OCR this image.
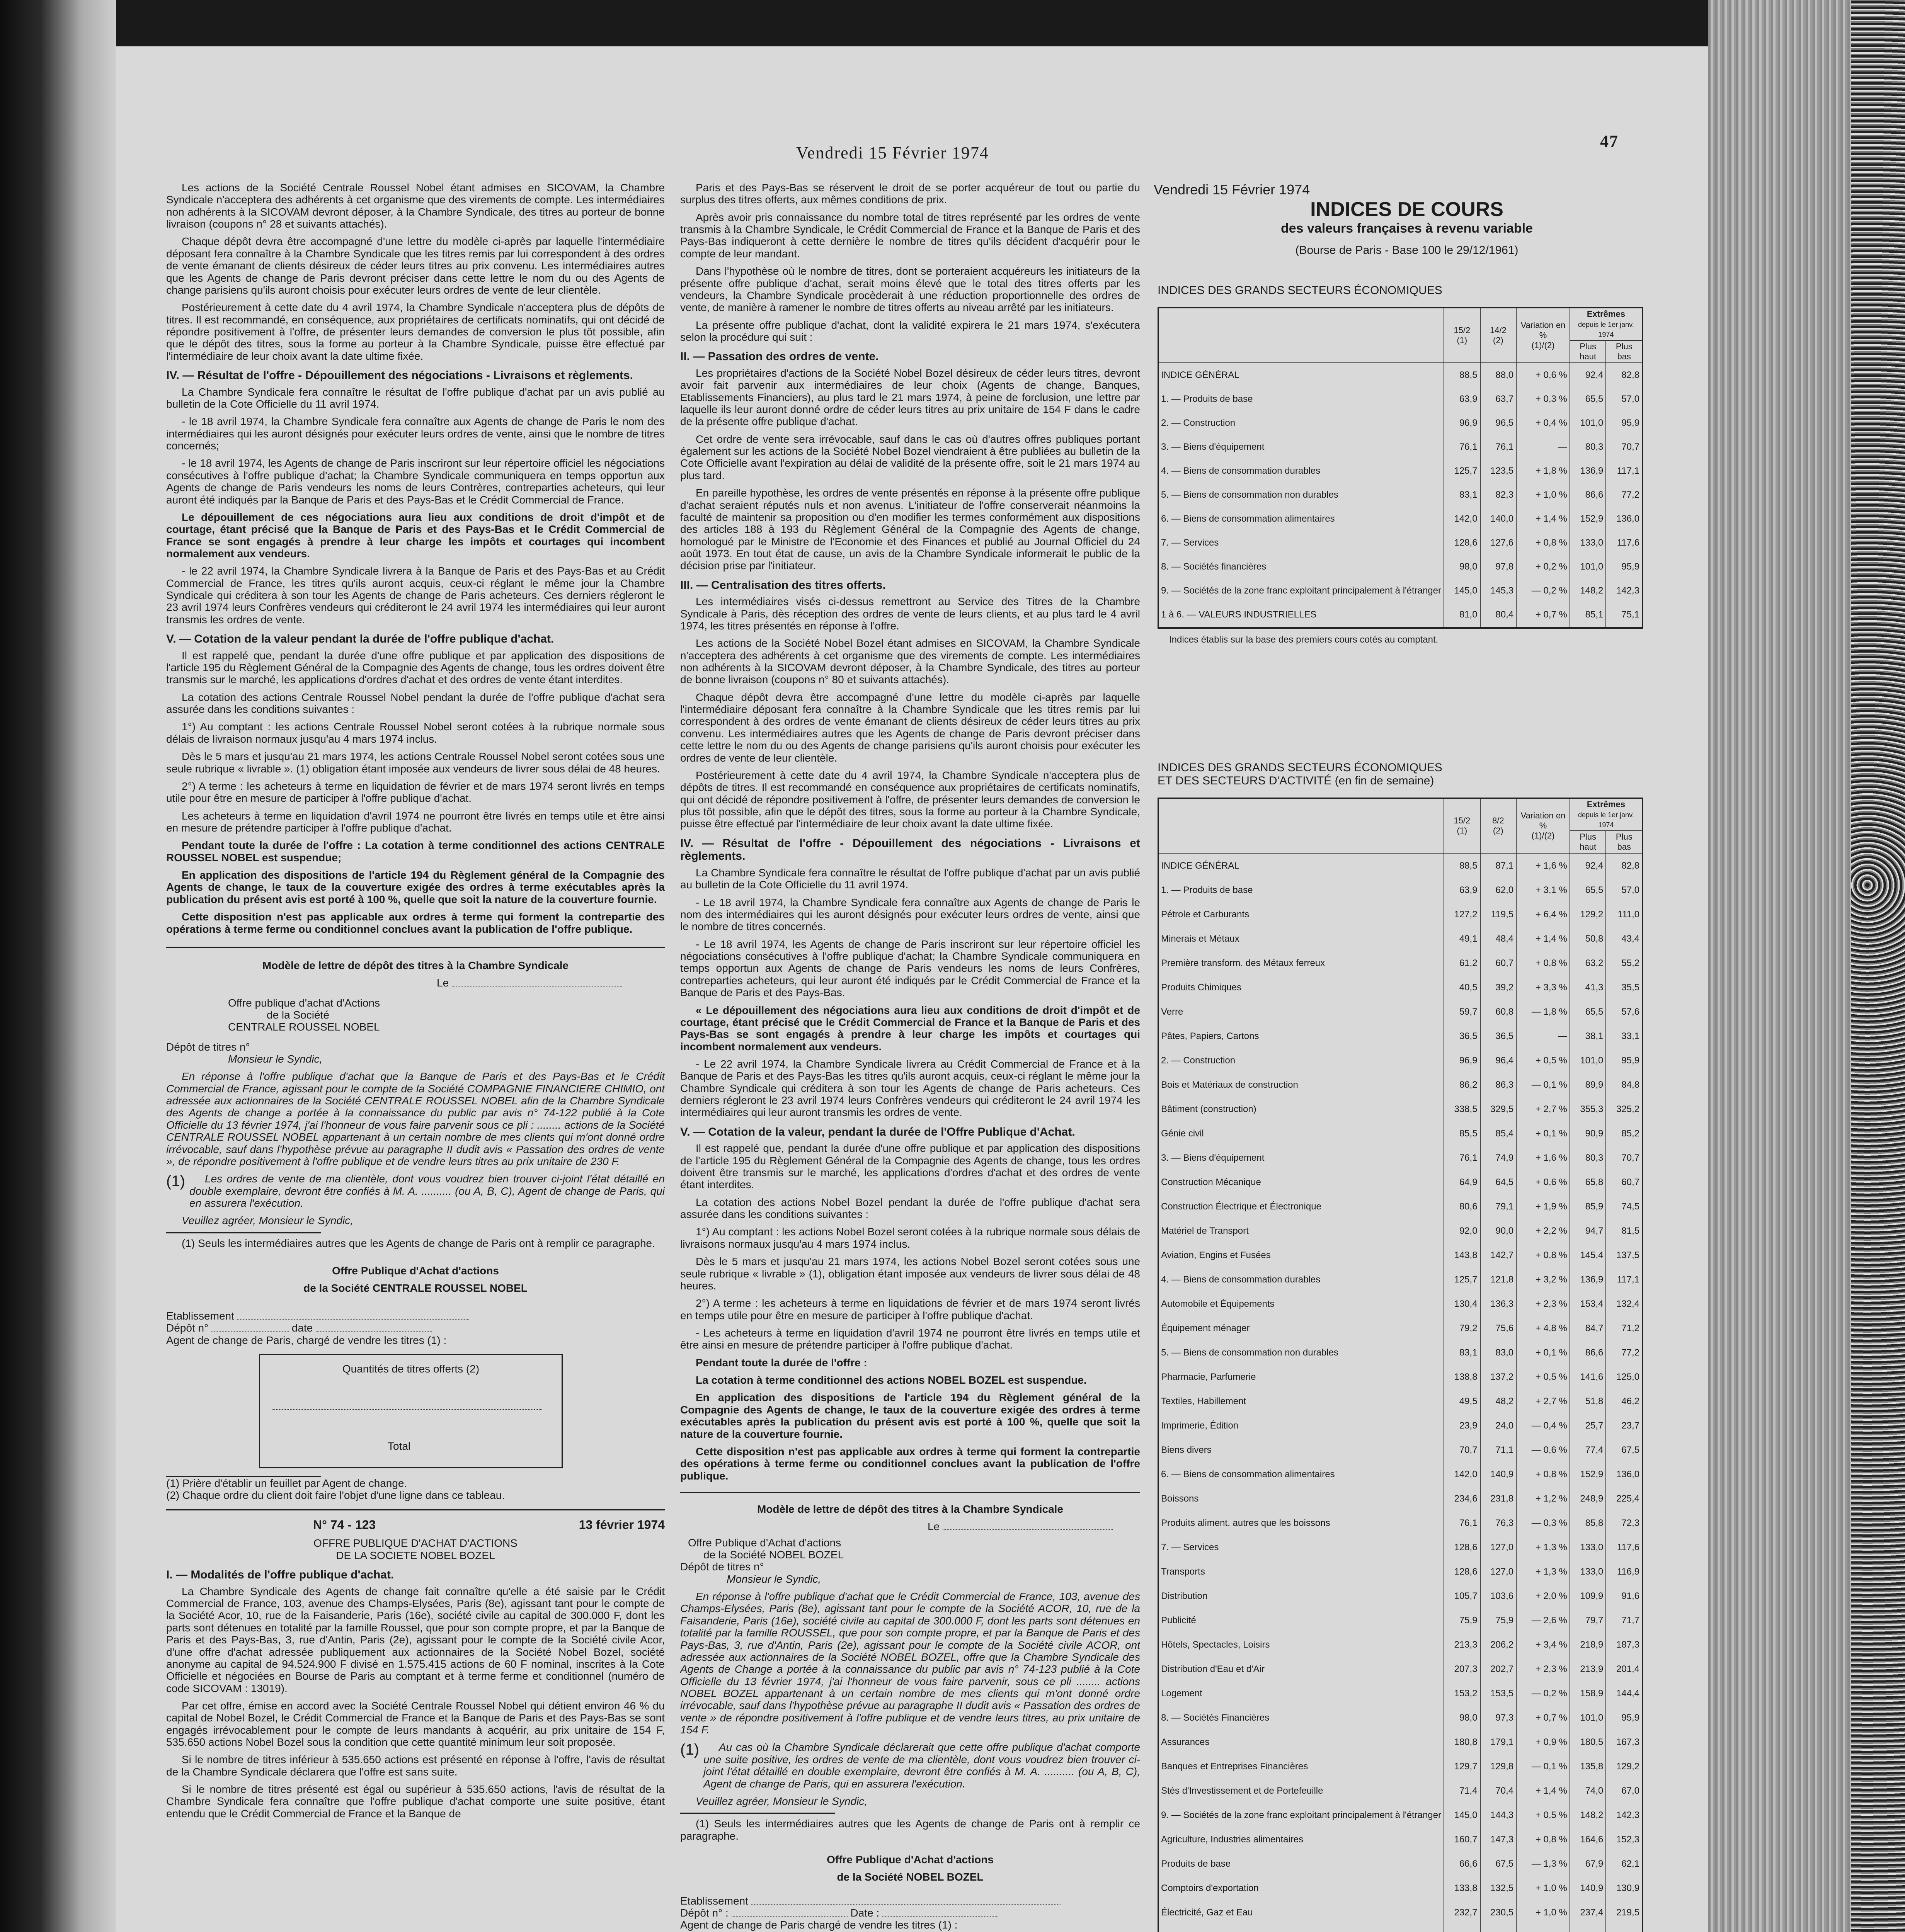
Vendredi 15 Février 1974
47

Les actions de la Société Centrale Roussel Nobel étant admises en SICOVAM, la Chambre Syndicale n'acceptera des adhérents à cet organisme que des virements de compte. Les intermédiaires non adhérents à la SICOVAM devront déposer, à la Chambre Syndicale, des titres au porteur de bonne livraison (coupons n° 28 et suivants attachés).

Chaque dépôt devra être accompagné d'une lettre du modèle ci-après par laquelle l'intermédiaire déposant fera connaître à la Chambre Syndicale que les titres remis par lui correspondent à des ordres de vente émanant de clients désireux de céder leurs titres au prix convenu. Les intermédiaires autres que les Agents de change de Paris devront préciser dans cette lettre le nom du ou des Agents de change parisiens qu'ils auront choisis pour exécuter leurs ordres de vente de leur clientèle.

Postérieurement à cette date du 4 avril 1974, la Chambre Syndicale n'acceptera plus de dépôts de titres. Il est recommandé, en conséquence, aux propriétaires de certificats nominatifs, qui ont décidé de répondre positivement à l'offre, de présenter leurs demandes de conversion le plus tôt possible, afin que le dépôt des titres, sous la forme au porteur à la Chambre Syndicale, puisse être effectué par l'intermédiaire de leur choix avant la date ultime fixée.

IV. — Résultat de l'offre - Dépouillement des négociations - Livraisons et règlements.

La Chambre Syndicale fera connaître le résultat de l'offre publique d'achat par un avis publié au bulletin de la Cote Officielle du 11 avril 1974.

- le 18 avril 1974, la Chambre Syndicale fera connaître aux Agents de change de Paris le nom des intermédiaires qui les auront désignés pour exécuter leurs ordres de vente, ainsi que le nombre de titres concernés;

- le 18 avril 1974, les Agents de change de Paris inscriront sur leur répertoire officiel les négociations consécutives à l'offre publique d'achat; la Chambre Syndicale communiquera en temps opportun aux Agents de change de Paris vendeurs les noms de leurs Contrères, contreparties acheteurs, qui leur auront été indiqués par la Banque de Paris et des Pays-Bas et le Crédit Commercial de France.

Le dépouillement de ces négociations aura lieu aux conditions de droit d'impôt et de courtage, étant précisé que la Banque de Paris et des Pays-Bas et le Crédit Commercial de France se sont engagés à prendre à leur charge les impôts et courtages qui incombent normalement aux vendeurs.

- le 22 avril 1974, la Chambre Syndicale livrera à la Banque de Paris et des Pays-Bas et au Crédit Commercial de France, les titres qu'ils auront acquis, ceux-ci réglant le même jour la Chambre Syndicale qui créditera à son tour les Agents de change de Paris acheteurs. Ces derniers régleront le 23 avril 1974 leurs Confrères vendeurs qui créditeront le 24 avril 1974 les intermédiaires qui leur auront transmis les ordres de vente.

V. — Cotation de la valeur pendant la durée de l'offre publique d'achat.

Il est rappelé que, pendant la durée d'une offre publique et par application des dispositions de l'article 195 du Règlement Général de la Compagnie des Agents de change, tous les ordres doivent être transmis sur le marché, les applications d'ordres d'achat et des ordres de vente étant interdites.

La cotation des actions Centrale Roussel Nobel pendant la durée de l'offre publique d'achat sera assurée dans les conditions suivantes :

1°) Au comptant : les actions Centrale Roussel Nobel seront cotées à la rubrique normale sous délais de livraison normaux jusqu'au 4 mars 1974 inclus.

Dès le 5 mars et jusqu'au 21 mars 1974, les actions Centrale Roussel Nobel seront cotées sous une seule rubrique « livrable ». (1) obligation étant imposée aux vendeurs de livrer sous délai de 48 heures.

2°) A terme : les acheteurs à terme en liquidation de février et de mars 1974 seront livrés en temps utile pour être en mesure de participer à l'offre publique d'achat.

Les acheteurs à terme en liquidation d'avril 1974 ne pourront être livrés en temps utile et être ainsi en mesure de prétendre participer à l'offre publique d'achat.

Pendant toute la durée de l'offre : La cotation à terme conditionnel des actions CENTRALE ROUSSEL NOBEL est suspendue;

En application des dispositions de l'article 194 du Règlement général de la Compagnie des Agents de change, le taux de la couverture exigée des ordres à terme exécutables après la publication du présent avis est porté à 100 %, quelle que soit la nature de la couverture fournie.

Cette disposition n'est pas applicable aux ordres à terme qui forment la contrepartie des opérations à terme ferme ou conditionnel conclues avant la publication de l'offre publique.

Modèle de lettre de dépôt des titres à la Chambre Syndicale

Le
Offre publique d'achat d'Actions
de la Société
CENTRALE ROUSSEL NOBEL
Dépôt de titres n°

Monsieur le Syndic,

En réponse à l'offre publique d'achat que la Banque de Paris et des Pays-Bas et le Crédit Commercial de France, agissant pour le compte de la Société COMPAGNIE FINANCIERE CHIMIO, ont adressée aux actionnaires de la Société CENTRALE ROUSSEL NOBEL afin de la Chambre Syndicale des Agents de change a portée à la connaissance du public par avis n° 74-122 publié à la Cote Officielle du 13 février 1974, j'ai l'honneur de vous faire parvenir sous ce pli : ........ actions de la Société CENTRALE ROUSSEL NOBEL appartenant à un certain nombre de mes clients qui m'ont donné ordre irrévocable, sauf dans l'hypothèse prévue au paragraphe II dudit avis « Passation des ordres de vente », de répondre positivement à l'offre publique et de vendre leurs titres au prix unitaire de 230 F.

(1)	Les ordres de vente de ma clientèle, dont vous voudrez bien trouver ci-joint l'état détaillé en double exemplaire, devront être confiés à M. A. .......... (ou A, B, C), Agent de change de Paris, qui en assurera l'exécution.

Veuillez agréer, Monsieur le Syndic,

(1) Seuls les intermédiaires autres que les Agents de change de Paris ont à remplir ce paragraphe.

Offre Publique d'Achat d'actions

de la Société CENTRALE ROUSSEL NOBEL

Etablissement
Dépôt n°	date
Agent de change de Paris, chargé de vendre les titres (1) :
Quantités de titres offerts (2)
Total
(1) Prière d'établir un feuillet par Agent de change.
(2) Chaque ordre du client doit faire l'objet d'une ligne dans ce tableau.
N° 74 - 123	13 février 1974
OFFRE PUBLIQUE D'ACHAT D'ACTIONS
DE LA SOCIETE NOBEL BOZEL
I. — Modalités de l'offre publique d'achat.

La Chambre Syndicale des Agents de change fait connaître qu'elle a été saisie par le Crédit Commercial de France, 103, avenue des Champs-Elysées, Paris (8e), agissant tant pour le compte de la Société Acor, 10, rue de la Faisanderie, Paris (16e), société civile au capital de 300.000 F, dont les parts sont détenues en totalité par la famille Roussel, que pour son compte propre, et par la Banque de Paris et des Pays-Bas, 3, rue d'Antin, Paris (2e), agissant pour le compte de la Société civile Acor, d'une offre d'achat adressée publiquement aux actionnaires de la Société Nobel Bozel, société anonyme au capital de 94.524.900 F divisé en 1.575.415 actions de 60 F nominal, inscrites à la Cote Officielle et négociées en Bourse de Paris au comptant et à terme ferme et conditionnel (numéro de code SICOVAM : 13019).

Par cet offre, émise en accord avec la Société Centrale Roussel Nobel qui détient environ 46 % du capital de Nobel Bozel, le Crédit Commercial de France et la Banque de Paris et des Pays-Bas se sont engagés irrévocablement pour le compte de leurs mandants à acquérir, au prix unitaire de 154 F, 535.650 actions Nobel Bozel sous la condition que cette quantité minimum leur soit proposée.

Si le nombre de titres inférieur à 535.650 actions est présenté en réponse à l'offre, l'avis de résultat de la Chambre Syndicale déclarera que l'offre est sans suite.

Si le nombre de titres présenté est égal ou supérieur à 535.650 actions, l'avis de résultat de la Chambre Syndicale fera connaître que l'offre publique d'achat comporte une suite positive, étant entendu que le Crédit Commercial de France et la Banque de

Paris et des Pays-Bas se réservent le droit de se porter acquéreur de tout ou partie du surplus des titres offerts, aux mêmes conditions de prix.

Après avoir pris connaissance du nombre total de titres représenté par les ordres de vente transmis à la Chambre Syndicale, le Crédit Commercial de France et la Banque de Paris et des Pays-Bas indiqueront à cette dernière le nombre de titres qu'ils décident d'acquérir pour le compte de leur mandant.

Dans l'hypothèse où le nombre de titres, dont se porteraient acquéreurs les initiateurs de la présente offre publique d'achat, serait moins élevé que le total des titres offerts par les vendeurs, la Chambre Syndicale procèderait à une réduction proportionnelle des ordres de vente, de manière à ramener le nombre de titres offerts au niveau arrêté par les initiateurs.

La présente offre publique d'achat, dont la validité expirera le 21 mars 1974, s'exécutera selon la procédure qui suit :

II. — Passation des ordres de vente.

Les propriétaires d'actions de la Société Nobel Bozel désireux de céder leurs titres, devront avoir fait parvenir aux intermédiaires de leur choix (Agents de change, Banques, Etablissements Financiers), au plus tard le 21 mars 1974, à peine de forclusion, une lettre par laquelle ils leur auront donné ordre de céder leurs titres au prix unitaire de 154 F dans le cadre de la présente offre publique d'achat.

Cet ordre de vente sera irrévocable, sauf dans le cas où d'autres offres publiques portant également sur les actions de la Société Nobel Bozel viendraient à être publiées au bulletin de la Cote Officielle avant l'expiration au délai de validité de la présente offre, soit le 21 mars 1974 au plus tard.

En pareille hypothèse, les ordres de vente présentés en réponse à la présente offre publique d'achat seraient réputés nuls et non avenus. L'initiateur de l'offre conserverait néanmoins la faculté de maintenir sa proposition ou d'en modifier les termes conformément aux dispositions des articles 188 à 193 du Règlement Général de la Compagnie des Agents de change, homologué par le Ministre de l'Economie et des Finances et publié au Journal Officiel du 24 août 1973. En tout état de cause, un avis de la Chambre Syndicale informerait le public de la décision prise par l'initiateur.

III. — Centralisation des titres offerts.

Les intermédiaires visés ci-dessus remettront au Service des Titres de la Chambre Syndicale à Paris, dès réception des ordres de vente de leurs clients, et au plus tard le 4 avril 1974, les titres présentés en réponse à l'offre.

Les actions de la Société Nobel Bozel étant admises en SICOVAM, la Chambre Syndicale n'acceptera des adhérents à cet organisme que des virements de compte. Les intermédiaires non adhérents à la SICOVAM devront déposer, à la Chambre Syndicale, des titres au porteur de bonne livraison (coupons n° 80 et suivants attachés).

Chaque dépôt devra être accompagné d'une lettre du modèle ci-après par laquelle l'intermédiaire déposant fera connaître à la Chambre Syndicale que les titres remis par lui correspondent à des ordres de vente émanant de clients désireux de céder leurs titres au prix convenu. Les intermédiaires autres que les Agents de change de Paris devront préciser dans cette lettre le nom du ou des Agents de change parisiens qu'ils auront choisis pour exécuter les ordres de vente de leur clientèle.

Postérieurement à cette date du 4 avril 1974, la Chambre Syndicale n'acceptera plus de dépôts de titres. Il est recommandé en conséquence aux propriétaires de certificats nominatifs, qui ont décidé de répondre positivement à l'offre, de présenter leurs demandes de conversion le plus tôt possible, afin que le dépôt des titres, sous la forme au porteur à la Chambre Syndicale, puisse être effectué par l'intermédiaire de leur choix avant la date ultime fixée.

IV. — Résultat de l'offre - Dépouillement des négociations - Livraisons et règlements.

La Chambre Syndicale fera connaître le résultat de l'offre publique d'achat par un avis publié au bulletin de la Cote Officielle du 11 avril 1974.

- Le 18 avril 1974, la Chambre Syndicale fera connaître aux Agents de change de Paris le nom des intermédiaires qui les auront désignés pour exécuter leurs ordres de vente, ainsi que le nombre de titres concernés.

- Le 18 avril 1974, les Agents de change de Paris inscriront sur leur répertoire officiel les négociations consécutives à l'offre publique d'achat; la Chambre Syndicale communiquera en temps opportun aux Agents de change de Paris vendeurs les noms de leurs Confrères, contreparties acheteurs, qui leur auront été indiqués par le Crédit Commercial de France et la Banque de Paris et des Pays-Bas.

« Le dépouillement des négociations aura lieu aux conditions de droit d'impôt et de courtage, étant précisé que le Crédit Commercial de France et la Banque de Paris et des Pays-Bas se sont engagés à prendre à leur charge les impôts et courtages qui incombent normalement aux vendeurs.

- Le 22 avril 1974, la Chambre Syndicale livrera au Crédit Commercial de France et à la Banque de Paris et des Pays-Bas les titres qu'ils auront acquis, ceux-ci réglant le même jour la Chambre Syndicale qui créditera à son tour les Agents de change de Paris acheteurs. Ces derniers régleront le 23 avril 1974 leurs Confrères vendeurs qui créditeront le 24 avril 1974 les intermédiaires qui leur auront transmis les ordres de vente.

V. — Cotation de la valeur, pendant la durée de l'Offre Publique d'Achat.

Il est rappelé que, pendant la durée d'une offre publique et par application des dispositions de l'article 195 du Règlement Général de la Compagnie des Agents de change, tous les ordres doivent être transmis sur le marché, les applications d'ordres d'achat et des ordres de vente étant interdites.

La cotation des actions Nobel Bozel pendant la durée de l'offre publique d'achat sera assurée dans les conditions suivantes :

1°) Au comptant : les actions Nobel Bozel seront cotées à la rubrique normale sous délais de livraisons normaux jusqu'au 4 mars 1974 inclus.

Dès le 5 mars et jusqu'au 21 mars 1974, les actions Nobel Bozel seront cotées sous une seule rubrique « livrable » (1), obligation étant imposée aux vendeurs de livrer sous délai de 48 heures.

2°) A terme : les acheteurs à terme en liquidations de février et de mars 1974 seront livrés en temps utile pour être en mesure de participer à l'offre publique d'achat.

- Les acheteurs à terme en liquidation d'avril 1974 ne pourront être livrés en temps utile et être ainsi en mesure de prétendre participer à l'offre publique d'achat.

Pendant toute la durée de l'offre :

La cotation à terme conditionnel des actions NOBEL BOZEL est suspendue.

En application des dispositions de l'article 194 du Règlement général de la Compagnie des Agents de change, le taux de la couverture exigée des ordres à terme exécutables après la publication du présent avis est porté à 100 %, quelle que soit la nature de la couverture fournie.

Cette disposition n'est pas applicable aux ordres à terme qui forment la contrepartie des opérations à terme ferme ou conditionnel conclues avant la publication de l'offre publique.

Modèle de lettre de dépôt des titres à la Chambre Syndicale

Le
Offre Publique d'Achat d'actions
de la Société NOBEL BOZEL
Dépôt de titres n°

Monsieur le Syndic,

En réponse à l'offre publique d'achat que le Crédit Commercial de France, 103, avenue des Champs-Elysées, Paris (8e), agissant tant pour le compte de la Société ACOR, 10, rue de la Faisanderie, Paris (16e), société civile au capital de 300.000 F, dont les parts sont détenues en totalité par la famille ROUSSEL, que pour son compte propre, et par la Banque de Paris et des Pays-Bas, 3, rue d'Antin, Paris (2e), agissant pour le compte de la Société civile ACOR, ont adressée aux actionnaires de la Société NOBEL BOZEL, offre que la Chambre Syndicale des Agents de Change a portée à la connaissance du public par avis n° 74-123 publié à la Cote Officielle du 13 février 1974, j'ai l'honneur de vous faire parvenir, sous ce pli ........ actions NOBEL BOZEL appartenant à un certain nombre de mes clients qui m'ont donné ordre irrévocable, sauf dans l'hypothèse prévue au paragraphe II dudit avis « Passation des ordres de vente » de répondre positivement à l'offre publique et de vendre leurs titres, au prix unitaire de 154 F.

(1)	Au cas où la Chambre Syndicale déclarerait que cette offre publique d'achat comporte une suite positive, les ordres de vente de ma clientèle, dont vous voudrez bien trouver ci-joint l'état détaillé en double exemplaire, devront être confiés à M. A. .......... (ou A, B, C), Agent de change de Paris, qui en assurera l'exécution.

Veuillez agréer, Monsieur le Syndic,

(1) Seuls les intermédiaires autres que les Agents de change de Paris ont à remplir ce paragraphe.

Offre Publique d'Achat d'actions

de la Société NOBEL BOZEL

Etablissement
Dépôt n° :	Date :
Agent de change de Paris chargé de vendre les titres (1) :
Vendredi 15 Février 1974
INDICES DE COURS
des valeurs françaises à revenu variable
(Bourse de Paris - Base 100 le 29/12/1961)
INDICES DES GRANDS SECTEURS ÉCONOMIQUES
	15/2
(1)	14/2
(2)	Variation en %
(1)/(2)	Extrêmes
depuis le 1er janv. 1974	
				Plus haut	Plus bas
INDICE GÉNÉRAL	88,5	88,0	+ 0,6 %	92,4	82,8
1. — Produits de base	63,9	63,7	+ 0,3 %	65,5	57,0
2. — Construction	96,9	96,5	+ 0,4 %	101,0	95,9
3. — Biens d'équipement	76,1	76,1	—	80,3	70,7
4. — Biens de consommation durables	125,7	123,5	+ 1,8 %	136,9	117,1
5. — Biens de consommation non durables	83,1	82,3	+ 1,0 %	86,6	77,2
6. — Biens de consommation alimentaires	142,0	140,0	+ 1,4 %	152,9	136,0
7. — Services	128,6	127,6	+ 0,8 %	133,0	117,6
8. — Sociétés financières	98,0	97,8	+ 0,2 %	101,0	95,9
9. — Sociétés de la zone franc exploitant principalement à l'étranger	145,0	145,3	— 0,2 %	148,2	142,3
1 à 6. — VALEURS INDUSTRIELLES	81,0	80,4	+ 0,7 %	85,1	75,1
Indices établis sur la base des premiers cours cotés au comptant.
INDICES DES GRANDS SECTEURS ÉCONOMIQUES
ET DES SECTEURS D'ACTIVITÉ (en fin de semaine)
	15/2
(1)	8/2
(2)	Variation en %
(1)/(2)	Extrêmes
depuis le 1er janv. 1974	
				Plus haut	Plus bas
INDICE GÉNÉRAL	88,5	87,1	+ 1,6 %	92,4	82,8
1. — Produits de base	63,9	62,0	+ 3,1 %	65,5	57,0
Pétrole et Carburants	127,2	119,5	+ 6,4 %	129,2	111,0
Minerais et Métaux	49,1	48,4	+ 1,4 %	50,8	43,4
Première transform. des Métaux ferreux	61,2	60,7	+ 0,8 %	63,2	55,2
Produits Chimiques	40,5	39,2	+ 3,3 %	41,3	35,5
Verre	59,7	60,8	— 1,8 %	65,5	57,6
Pâtes, Papiers, Cartons	36,5	36,5	—	38,1	33,1
2. — Construction	96,9	96,4	+ 0,5 %	101,0	95,9
Bois et Matériaux de construction	86,2	86,3	— 0,1 %	89,9	84,8
Bâtiment (construction)	338,5	329,5	+ 2,7 %	355,3	325,2
Génie civil	85,5	85,4	+ 0,1 %	90,9	85,2
3. — Biens d'équipement	76,1	74,9	+ 1,6 %	80,3	70,7
Construction Mécanique	64,9	64,5	+ 0,6 %	65,8	60,7
Construction Électrique et Électronique	80,6	79,1	+ 1,9 %	85,9	74,5
Matériel de Transport	92,0	90,0	+ 2,2 %	94,7	81,5
Aviation, Engins et Fusées	143,8	142,7	+ 0,8 %	145,4	137,5
4. — Biens de consommation durables	125,7	121,8	+ 3,2 %	136,9	117,1
Automobile et Équipements	130,4	136,3	+ 2,3 %	153,4	132,4
Équipement ménager	79,2	75,6	+ 4,8 %	84,7	71,2
5. — Biens de consommation non durables	83,1	83,0	+ 0,1 %	86,6	77,2
Pharmacie, Parfumerie	138,8	137,2	+ 0,5 %	141,6	125,0
Textiles, Habillement	49,5	48,2	+ 2,7 %	51,8	46,2
Imprimerie, Édition	23,9	24,0	— 0,4 %	25,7	23,7
Biens divers	70,7	71,1	— 0,6 %	77,4	67,5
6. — Biens de consommation alimentaires	142,0	140,9	+ 0,8 %	152,9	136,0
Boissons	234,6	231,8	+ 1,2 %	248,9	225,4
Produits aliment. autres que les boissons	76,1	76,3	— 0,3 %	85,8	72,3
7. — Services	128,6	127,0	+ 1,3 %	133,0	117,6
Transports	128,6	127,0	+ 1,3 %	133,0	116,9
Distribution	105,7	103,6	+ 2,0 %	109,9	91,6
Publicité	75,9	75,9	— 2,6 %	79,7	71,7
Hôtels, Spectacles, Loisirs	213,3	206,2	+ 3,4 %	218,9	187,3
Distribution d'Eau et d'Air	207,3	202,7	+ 2,3 %	213,9	201,4
Logement	153,2	153,5	— 0,2 %	158,9	144,4
8. — Sociétés Financières	98,0	97,3	+ 0,7 %	101,0	95,9
Assurances	180,8	179,1	+ 0,9 %	180,5	167,3
Banques et Entreprises Financières	129,7	129,8	— 0,1 %	135,8	129,2
Stés d'Investissement et de Portefeuille	71,4	70,4	+ 1,4 %	74,0	67,0
9. — Sociétés de la zone franc exploitant principalement à l'étranger	145,0	144,3	+ 0,5 %	148,2	142,3
Agriculture, Industries alimentaires	160,7	147,3	+ 0,8 %	164,6	152,3
Produits de base	66,6	67,5	— 1,3 %	67,9	62,1
Comptoirs d'exportation	133,8	132,5	+ 1,0 %	140,9	130,9
Électricité, Gaz et Eau	232,7	230,5	+ 1,0 %	237,4	219,5
